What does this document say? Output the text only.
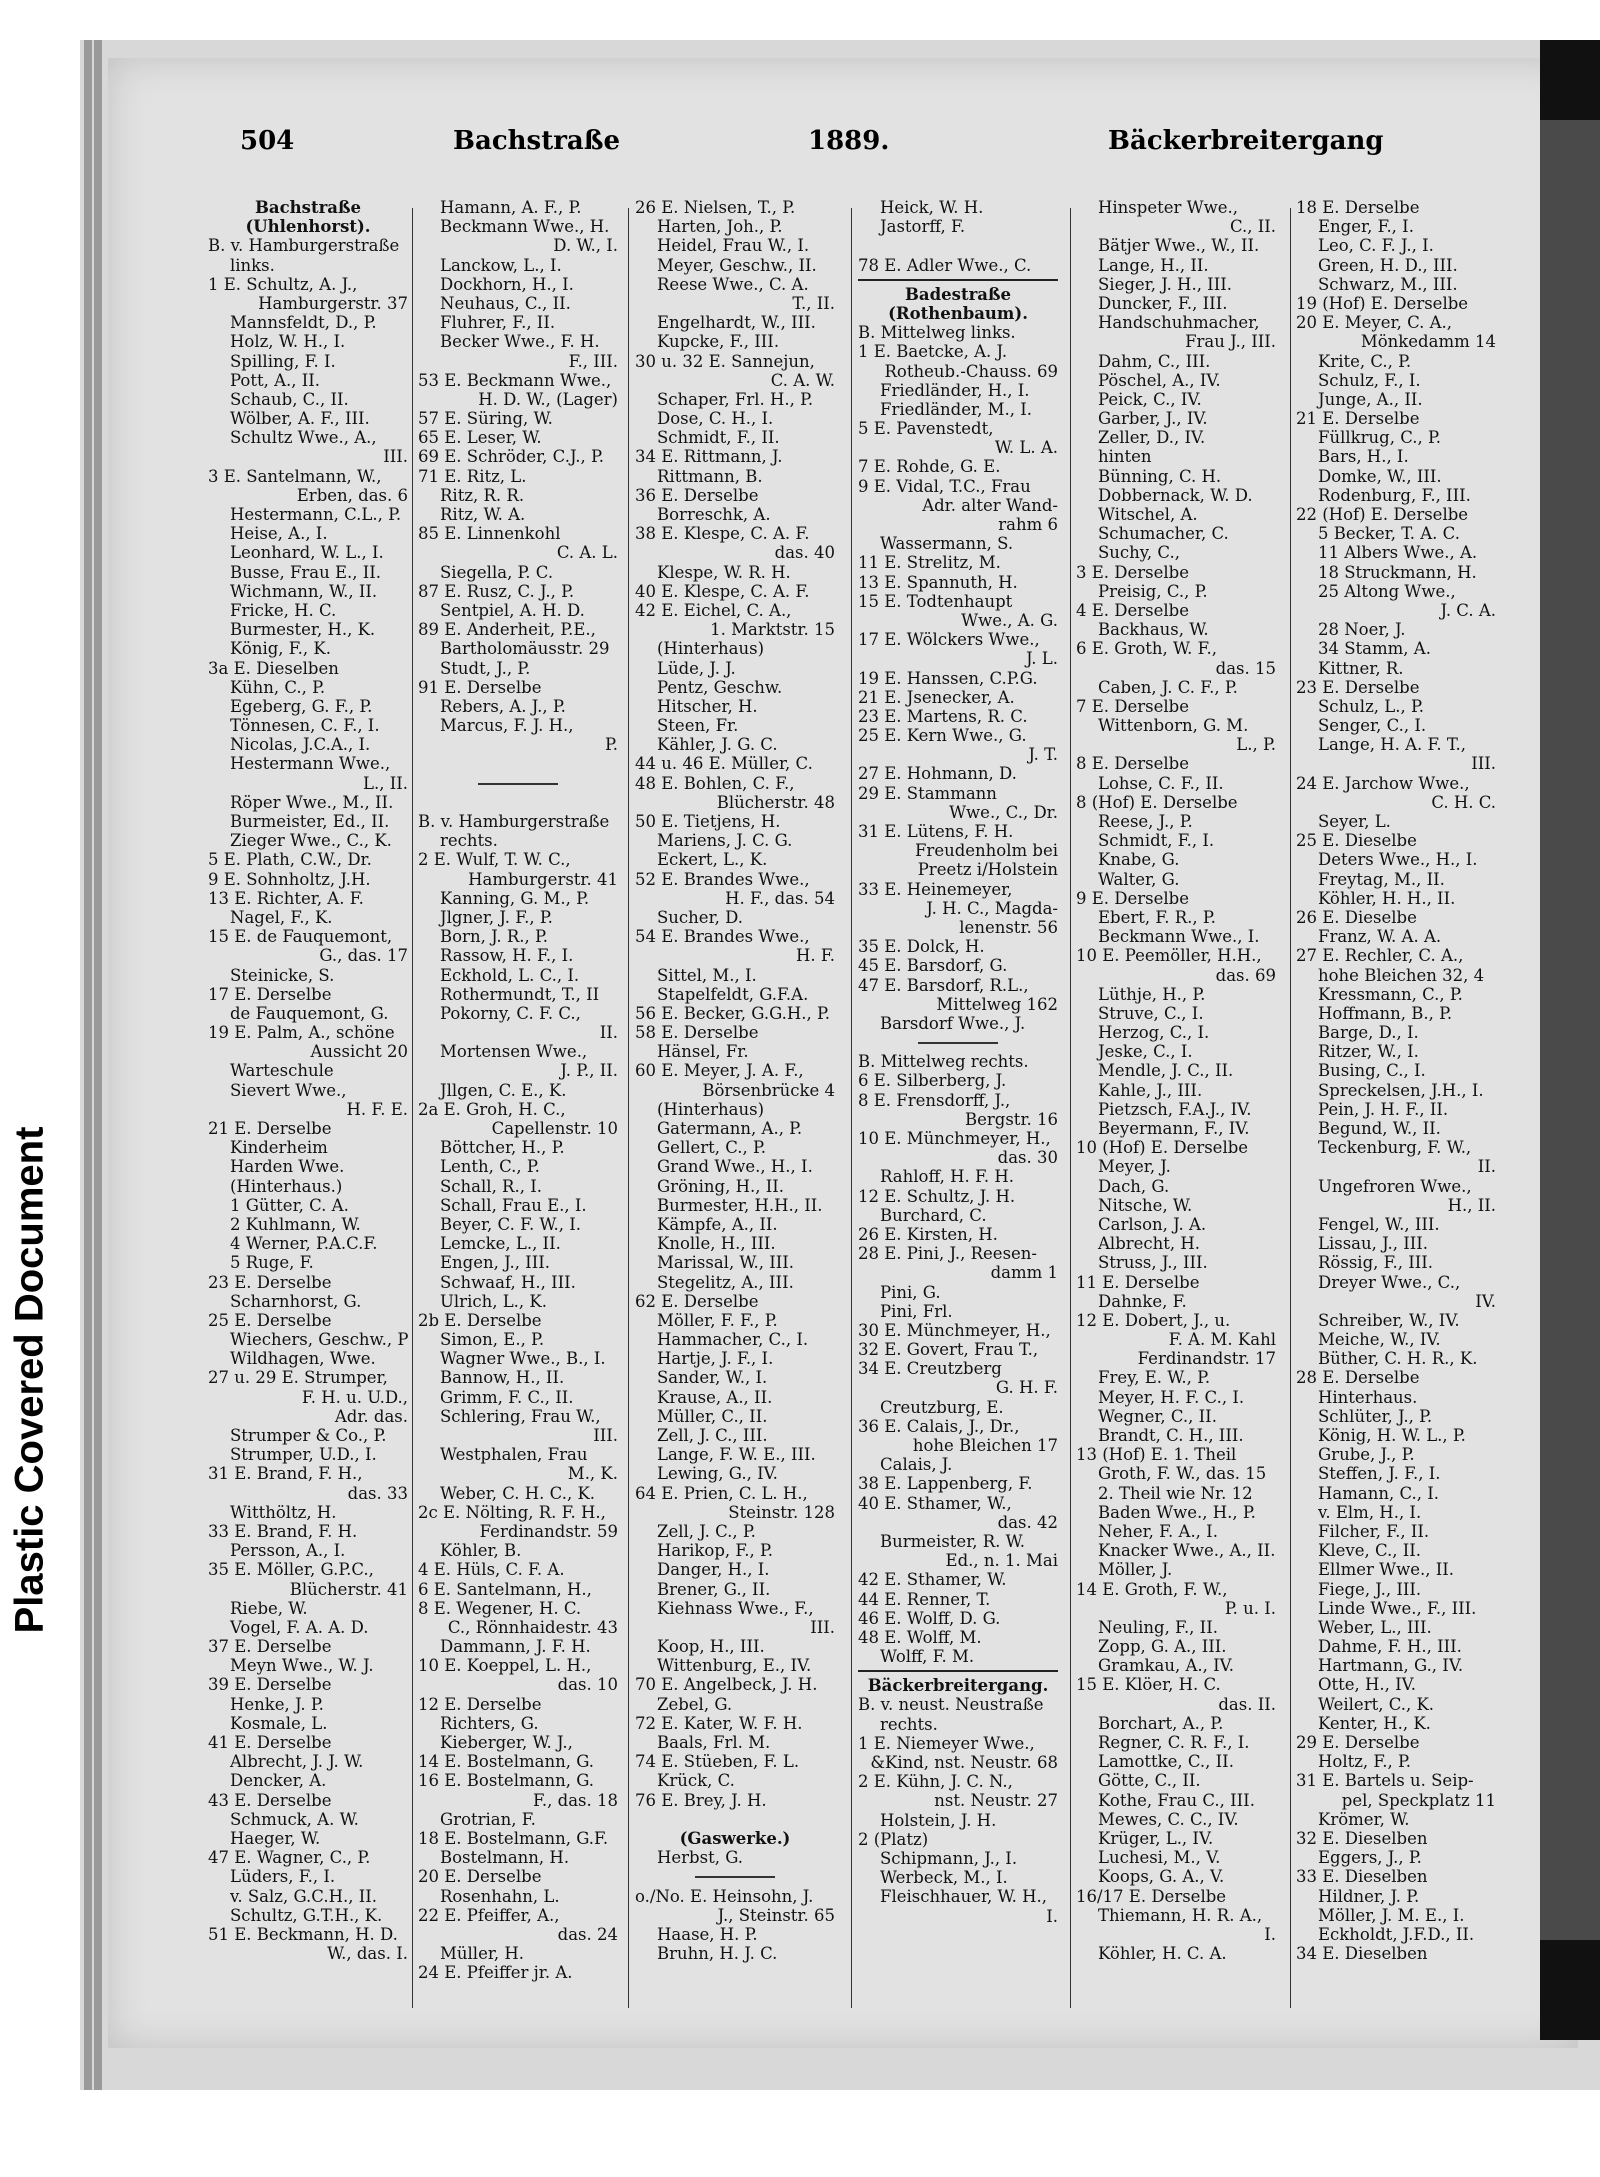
Plastic Covered Document
504	Bachstraße	1889.	Bäckerbreitergang
Bachstraße
(Uhlenhorst).
B. v. Hamburgerstraße
links.
1 E. Schultz, A. J.,
Hamburgerstr. 37
Mannsfeldt, D., P.
Holz, W. H., I.
Spilling, F. I.
Pott, A., II.
Schaub, C., II.
Wölber, A. F., III.
Schultz Wwe., A.,
III.
3 E. Santelmann, W.,
Erben, das. 6
Hestermann, C.L., P.
Heise, A., I.
Leonhard, W. L., I.
Busse, Frau E., II.
Wichmann, W., II.
Fricke, H. C.
Burmester, H., K.
König, F., K.
3a E. Dieselben
Kühn, C., P.
Egeberg, G. F., P.
Tönnesen, C. F., I.
Nicolas, J.C.A., I.
Hestermann Wwe.,
L., II.
Röper Wwe., M., II.
Burmeister, Ed., II.
Zieger Wwe., C., K.
5 E. Plath, C.W., Dr.
9 E. Sohnholtz, J.H.
13 E. Richter, A. F.
Nagel, F., K.
15 E. de Fauquemont,
G., das. 17
Steinicke, S.
17 E. Derselbe
de Fauquemont, G.
19 E. Palm, A., schöne
Aussicht 20
Warteschule
Sievert Wwe.,
H. F. E.
21 E. Derselbe
Kinderheim
Harden Wwe.
(Hinterhaus.)
1 Gütter, C. A.
2 Kuhlmann, W.
4 Werner, P.A.C.F.
5 Ruge, F.
23 E. Derselbe
Scharnhorst, G.
25 E. Derselbe
Wiechers, Geschw., P
Wildhagen, Wwe.
27 u. 29 E. Strumper,
F. H. u. U.D.,
Adr. das.
Strumper & Co., P.
Strumper, U.D., I.
31 E. Brand, F. H.,
das. 33
Witthöltz, H.
33 E. Brand, F. H.
Persson, A., I.
35 E. Möller, G.P.C.,
Blücherstr. 41
Riebe, W.
Vogel, F. A. A. D.
37 E. Derselbe
Meyn Wwe., W. J.
39 E. Derselbe
Henke, J. P.
Kosmale, L.
41 E. Derselbe
Albrecht, J. J. W.
Dencker, A.
43 E. Derselbe
Schmuck, A. W.
Haeger, W.
47 E. Wagner, C., P.
Lüders, F., I.
v. Salz, G.C.H., II.
Schultz, G.T.H., K.
51 E. Beckmann, H. D.
W., das. I.
Hamann, A. F., P.
Beckmann Wwe., H.
D. W., I.
Lanckow, L., I.
Dockhorn, H., I.
Neuhaus, C., II.
Fluhrer, F., II.
Becker Wwe., F. H.
F., III.
53 E. Beckmann Wwe.,
H. D. W., (Lager)
57 E. Süring, W.
65 E. Leser, W.
69 E. Schröder, C.J., P.
71 E. Ritz, L.
Ritz, R. R.
Ritz, W. A.
85 E. Linnenkohl
C. A. L.
Siegella, P. C.
87 E. Rusz, C. J., P.
Sentpiel, A. H. D.
89 E. Anderheit, P.E.,
Bartholomäusstr. 29
Studt, J., P.
91 E. Derselbe
Rebers, A. J., P.
Marcus, F. J. H.,
P.
B. v. Hamburgerstraße
rechts.
2 E. Wulf, T. W. C.,
Hamburgerstr. 41
Kanning, G. M., P.
Jlgner, J. F., P.
Born, J. R., P.
Rassow, H. F., I.
Eckhold, L. C., I.
Rothermundt, T., II
Pokorny, C. F. C.,
II.
Mortensen Wwe.,
J. P., II.
Jllgen, C. E., K.
2a E. Groh, H. C.,
Capellenstr. 10
Böttcher, H., P.
Lenth, C., P.
Schall, R., I.
Schall, Frau E., I.
Beyer, C. F. W., I.
Lemcke, L., II.
Engen, J., III.
Schwaaf, H., III.
Ulrich, L., K.
2b E. Derselbe
Simon, E., P.
Wagner Wwe., B., I.
Bannow, H., II.
Grimm, F. C., II.
Schlering, Frau W.,
III.
Westphalen, Frau
M., K.
Weber, C. H. C., K.
2c E. Nölting, R. F. H.,
Ferdinandstr. 59
Köhler, B.
4 E. Hüls, C. F. A.
6 E. Santelmann, H.,
8 E. Wegener, H. C.
C., Rönnhaidestr. 43
Dammann, J. F. H.
10 E. Koeppel, L. H.,
das. 10
12 E. Derselbe
Richters, G.
Kieberger, W. J.,
14 E. Bostelmann, G.
16 E. Bostelmann, G.
F., das. 18
Grotrian, F.
18 E. Bostelmann, G.F.
Bostelmann, H.
20 E. Derselbe
Rosenhahn, L.
22 E. Pfeiffer, A.,
das. 24
Müller, H.
24 E. Pfeiffer jr. A.
26 E. Nielsen, T., P.
Harten, Joh., P.
Heidel, Frau W., I.
Meyer, Geschw., II.
Reese Wwe., C. A.
T., II.
Engelhardt, W., III.
Kupcke, F., III.
30 u. 32 E. Sannejun,
C. A. W.
Schaper, Frl. H., P.
Dose, C. H., I.
Schmidt, F., II.
34 E. Rittmann, J.
Rittmann, B.
36 E. Derselbe
Borreschk, A.
38 E. Klespe, C. A. F.
das. 40
Klespe, W. R. H.
40 E. Klespe, C. A. F.
42 E. Eichel, C. A.,
1. Marktstr. 15
(Hinterhaus)
Lüde, J. J.
Pentz, Geschw.
Hitscher, H.
Steen, Fr.
Kähler, J. G. C.
44 u. 46 E. Müller, C.
48 E. Bohlen, C. F.,
Blücherstr. 48
50 E. Tietjens, H.
Mariens, J. C. G.
Eckert, L., K.
52 E. Brandes Wwe.,
H. F., das. 54
Sucher, D.
54 E. Brandes Wwe.,
H. F.
Sittel, M., I.
Stapelfeldt, G.F.A.
56 E. Becker, G.G.H., P.
58 E. Derselbe
Hänsel, Fr.
60 E. Meyer, J. A. F.,
Börsenbrücke 4
(Hinterhaus)
Gatermann, A., P.
Gellert, C., P.
Grand Wwe., H., I.
Gröning, H., II.
Burmester, H.H., II.
Kämpfe, A., II.
Knolle, H., III.
Marissal, W., III.
Stegelitz, A., III.
62 E. Derselbe
Möller, F. F., P.
Hammacher, C., I.
Hartje, J. F., I.
Sander, W., I.
Krause, A., II.
Müller, C., II.
Zell, J. C., III.
Lange, F. W. E., III.
Lewing, G., IV.
64 E. Prien, C. L. H.,
Steinstr. 128
Zell, J. C., P.
Harikop, F., P.
Danger, H., I.
Brener, G., II.
Kiehnass Wwe., F.,
III.
Koop, H., III.
Wittenburg, E., IV.
70 E. Angelbeck, J. H.
Zebel, G.
72 E. Kater, W. F. H.
Baals, Frl. M.
74 E. Stüeben, F. L.
Krück, C.
76 E. Brey, J. H.
(Gaswerke.)
Herbst, G.
o./No. E. Heinsohn, J.
J., Steinstr. 65
Haase, H. P.
Bruhn, H. J. C.
Heick, W. H.
Jastorff, F.
78 E. Adler Wwe., C.
Badestraße
(Rothenbaum).
B. Mittelweg links.
1 E. Baetcke, A. J.
Rotheub.-Chauss. 69
Friedländer, H., I.
Friedländer, M., I.
5 E. Pavenstedt,
W. L. A.
7 E. Rohde, G. E.
9 E. Vidal, T.C., Frau
Adr. alter Wand-
rahm 6
Wassermann, S.
11 E. Strelitz, M.
13 E. Spannuth, H.
15 E. Todtenhaupt
Wwe., A. G.
17 E. Wölckers Wwe.,
J. L.
19 E. Hanssen, C.P.G.
21 E. Jsenecker, A.
23 E. Martens, R. C.
25 E. Kern Wwe., G.
J. T.
27 E. Hohmann, D.
29 E. Stammann
Wwe., C., Dr.
31 E. Lütens, F. H.
Freudenholm bei
Preetz i/Holstein
33 E. Heinemeyer,
J. H. C., Magda-
lenenstr. 56
35 E. Dolck, H.
45 E. Barsdorf, G.
47 E. Barsdorf, R.L.,
Mittelweg 162
Barsdorf Wwe., J.
B. Mittelweg rechts.
6 E. Silberberg, J.
8 E. Frensdorff, J.,
Bergstr. 16
10 E. Münchmeyer, H.,
das. 30
Rahloff, H. F. H.
12 E. Schultz, J. H.
Burchard, C.
26 E. Kirsten, H.
28 E. Pini, J., Reesen-
damm 1
Pini, G.
Pini, Frl.
30 E. Münchmeyer, H.,
32 E. Govert, Frau T.,
34 E. Creutzberg
G. H. F.
Creutzburg, E.
36 E. Calais, J., Dr.,
hohe Bleichen 17
Calais, J.
38 E. Lappenberg, F.
40 E. Sthamer, W.,
das. 42
Burmeister, R. W.
Ed., n. 1. Mai
42 E. Sthamer, W.
44 E. Renner, T.
46 E. Wolff, D. G.
48 E. Wolff, M.
Wolff, F. M.
Bäckerbreitergang.
B. v. neust. Neustraße
rechts.
1 E. Niemeyer Wwe.,
&Kind, nst. Neustr. 68
2 E. Kühn, J. C. N.,
nst. Neustr. 27
Holstein, J. H.
2 (Platz)
Schipmann, J., I.
Werbeck, M., I.
Fleischhauer, W. H.,
I.
Hinspeter Wwe.,
C., II.
Bätjer Wwe., W., II.
Lange, H., II.
Sieger, J. H., III.
Duncker, F., III.
Handschuhmacher,
Frau J., III.
Dahm, C., III.
Pöschel, A., IV.
Peick, C., IV.
Garber, J., IV.
Zeller, D., IV.
hinten
Bünning, C. H.
Dobbernack, W. D.
Witschel, A.
Schumacher, C.
Suchy, C.,
3 E. Derselbe
Preisig, C., P.
4 E. Derselbe
Backhaus, W.
6 E. Groth, W. F.,
das. 15
Caben, J. C. F., P.
7 E. Derselbe
Wittenborn, G. M.
L., P.
8 E. Derselbe
Lohse, C. F., II.
8 (Hof) E. Derselbe
Reese, J., P.
Schmidt, F., I.
Knabe, G.
Walter, G.
9 E. Derselbe
Ebert, F. R., P.
Beckmann Wwe., I.
10 E. Peemöller, H.H.,
das. 69
Lüthje, H., P.
Struve, C., I.
Herzog, C., I.
Jeske, C., I.
Mendle, J. C., II.
Kahle, J., III.
Pietzsch, F.A.J., IV.
Beyermann, F., IV.
10 (Hof) E. Derselbe
Meyer, J.
Dach, G.
Nitsche, W.
Carlson, J. A.
Albrecht, H.
Struss, J., III.
11 E. Derselbe
Dahnke, F.
12 E. Dobert, J., u.
F. A. M. Kahl
Ferdinandstr. 17
Frey, E. W., P.
Meyer, H. F. C., I.
Wegner, C., II.
Brandt, C. H., III.
13 (Hof) E. 1. Theil
Groth, F. W., das. 15
2. Theil wie Nr. 12
Baden Wwe., H., P.
Neher, F. A., I.
Knacker Wwe., A., II.
Möller, J.
14 E. Groth, F. W.,
P. u. I.
Neuling, F., II.
Zopp, G. A., III.
Gramkau, A., IV.
15 E. Klöer, H. C.
das. II.
Borchart, A., P.
Regner, C. R. F., I.
Lamottke, C., II.
Götte, C., II.
Kothe, Frau C., III.
Mewes, C. C., IV.
Krüger, L., IV.
Luchesi, M., V.
Koops, G. A., V.
16/17 E. Derselbe
Thiemann, H. R. A.,
I.
Köhler, H. C. A.
18 E. Derselbe
Enger, F., I.
Leo, C. F. J., I.
Green, H. D., III.
Schwarz, M., III.
19 (Hof) E. Derselbe
20 E. Meyer, C. A.,
Mönkedamm 14
Krite, C., P.
Schulz, F., I.
Junge, A., II.
21 E. Derselbe
Füllkrug, C., P.
Bars, H., I.
Domke, W., III.
Rodenburg, F., III.
22 (Hof) E. Derselbe
5 Becker, T. A. C.
11 Albers Wwe., A.
18 Struckmann, H.
25 Altong Wwe.,
J. C. A.
28 Noer, J.
34 Stamm, A.
Kittner, R.
23 E. Derselbe
Schulz, L., P.
Senger, C., I.
Lange, H. A. F. T.,
III.
24 E. Jarchow Wwe.,
C. H. C.
Seyer, L.
25 E. Dieselbe
Deters Wwe., H., I.
Freytag, M., II.
Köhler, H. H., II.
26 E. Dieselbe
Franz, W. A. A.
27 E. Rechler, C. A.,
hohe Bleichen 32, 4
Kressmann, C., P.
Hoffmann, B., P.
Barge, D., I.
Ritzer, W., I.
Busing, C., I.
Spreckelsen, J.H., I.
Pein, J. H. F., II.
Begund, W., II.
Teckenburg, F. W.,
II.
Ungefroren Wwe.,
H., II.
Fengel, W., III.
Lissau, J., III.
Rössig, F., III.
Dreyer Wwe., C.,
IV.
Schreiber, W., IV.
Meiche, W., IV.
Büther, C. H. R., K.
28 E. Derselbe
Hinterhaus.
Schlüter, J., P.
König, H. W. L., P.
Grube, J., P.
Steffen, J. F., I.
Hamann, C., I.
v. Elm, H., I.
Filcher, F., II.
Kleve, C., II.
Ellmer Wwe., II.
Fiege, J., III.
Linde Wwe., F., III.
Weber, L., III.
Dahme, F. H., III.
Hartmann, G., IV.
Otte, H., IV.
Weilert, C., K.
Kenter, H., K.
29 E. Derselbe
Holtz, F., P.
31 E. Bartels u. Seip-
pel, Speckplatz 11
Krömer, W.
32 E. Dieselben
Eggers, J., P.
33 E. Dieselben
Hildner, J. P.
Möller, J. M. E., I.
Eckholdt, J.F.D., II.
34 E. Dieselben
